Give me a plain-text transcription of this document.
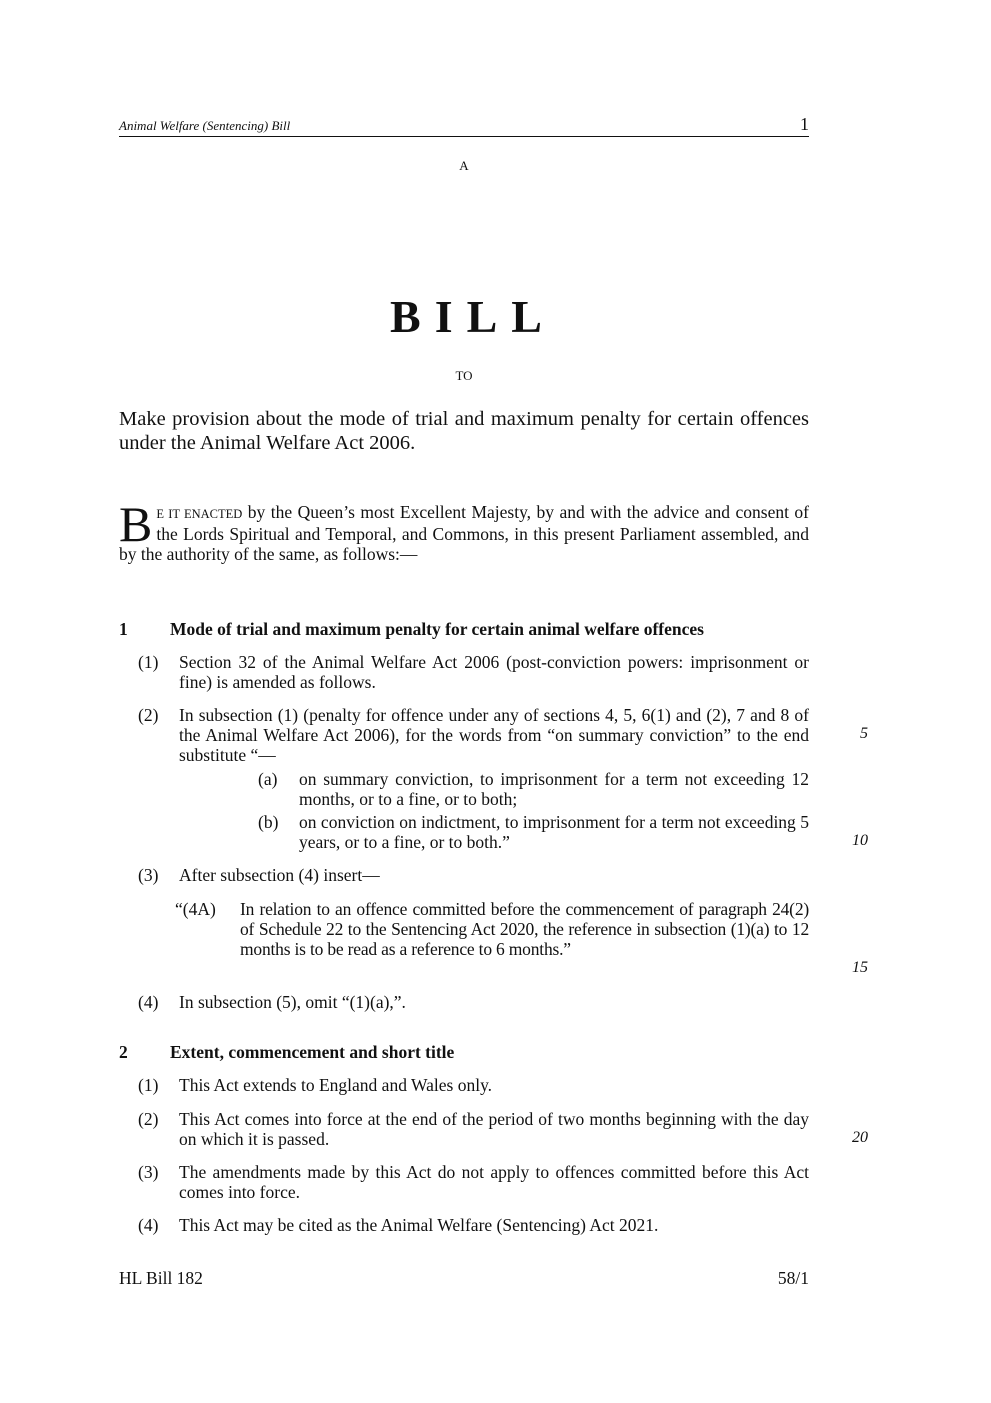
Animal Welfare (Sentencing) Bill	1
A
BILL
TO
Make provision about the mode of trial and maximum penalty for certain offences under the Animal Welfare Act 2006.
B E IT ENACTED by the Queen’s most Excellent Majesty, by and with the advice and consent of the Lords Spiritual and Temporal, and Commons, in this present Parliament assembled, and by the authority of the same, as follows:—
1 Mode of trial and maximum penalty for certain animal welfare offences
(1) Section 32 of the Animal Welfare Act 2006 (post-conviction powers: imprisonment or fine) is amended as follows.
(2) In subsection (1) (penalty for offence under any of sections 4, 5, 6(1) and (2), 7 and 8 of the Animal Welfare Act 2006), for the words from “on summary conviction” to the end substitute “—
(a) on summary conviction, to imprisonment for a term not exceeding 12 months, or to a fine, or to both;
(b) on conviction on indictment, to imprisonment for a term not exceeding 5 years, or to a fine, or to both.”
(3) After subsection (4) insert—
“(4A) In relation to an offence committed before the commencement of paragraph 24(2) of Schedule 22 to the Sentencing Act 2020, the reference in subsection (1)(a) to 12 months is to be read as a reference to 6 months.”
(4) In subsection (5), omit “(1)(a),”.
2 Extent, commencement and short title
(1) This Act extends to England and Wales only.
(2) This Act comes into force at the end of the period of two months beginning with the day on which it is passed.
(3) The amendments made by this Act do not apply to offences committed before this Act comes into force.
(4) This Act may be cited as the Animal Welfare (Sentencing) Act 2021.
5
10
15
20
HL Bill 182	58/1
